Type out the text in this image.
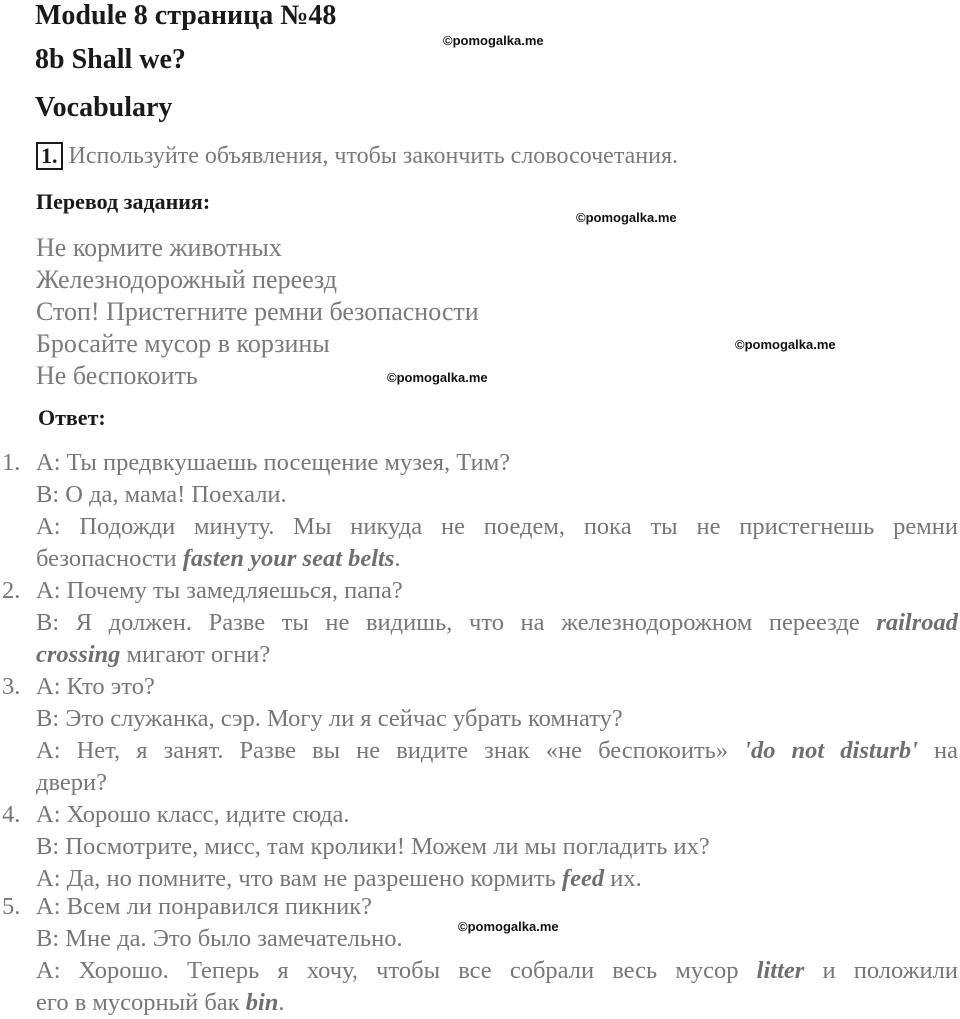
Module 8 страница №48
©pomogalka.me
8b Shall we?
Vocabulary
1. Используйте объявления, чтобы закончить словосочетания.
Перевод задания:
©pomogalka.me
Не кормите животных
Железнодорожный переезд
Стоп! Пристегните ремни безопасности
Бросайте мусор в корзины	©pomogalka.me
Не беспокоить	©pomogalka.me
Ответ:
1. A: Ты предвкушаешь посещение музея, Тим?
B: О да, мама! Поехали.
A: Подожди минуту. Мы никуда не поедем, пока ты не пристегнешь ремни
безопасности fasten your seat belts.
2. A: Почему ты замедляешься, папа?
B: Я должен. Разве ты не видишь, что на железнодорожном переезде railroad
crossing мигают огни?
3. A: Кто это?
B: Это служанка, сэр. Могу ли я сейчас убрать комнату?
A: Нет, я занят. Разве вы не видите знак «не беспокоить» 'do not disturb' на
двери?
4. A: Хорошо класс, идите сюда.
B: Посмотрите, мисс, там кролики! Можем ли мы погладить их?
A: Да, но помните, что вам не разрешено кормить feed их.
5. A: Всем ли понравился пикник?
B: Мне да. Это было замечательно.
A: Хорошо. Теперь я хочу, чтобы все собрали весь мусор litter и положили
его в мусорный бак bin.
©pomogalka.me
